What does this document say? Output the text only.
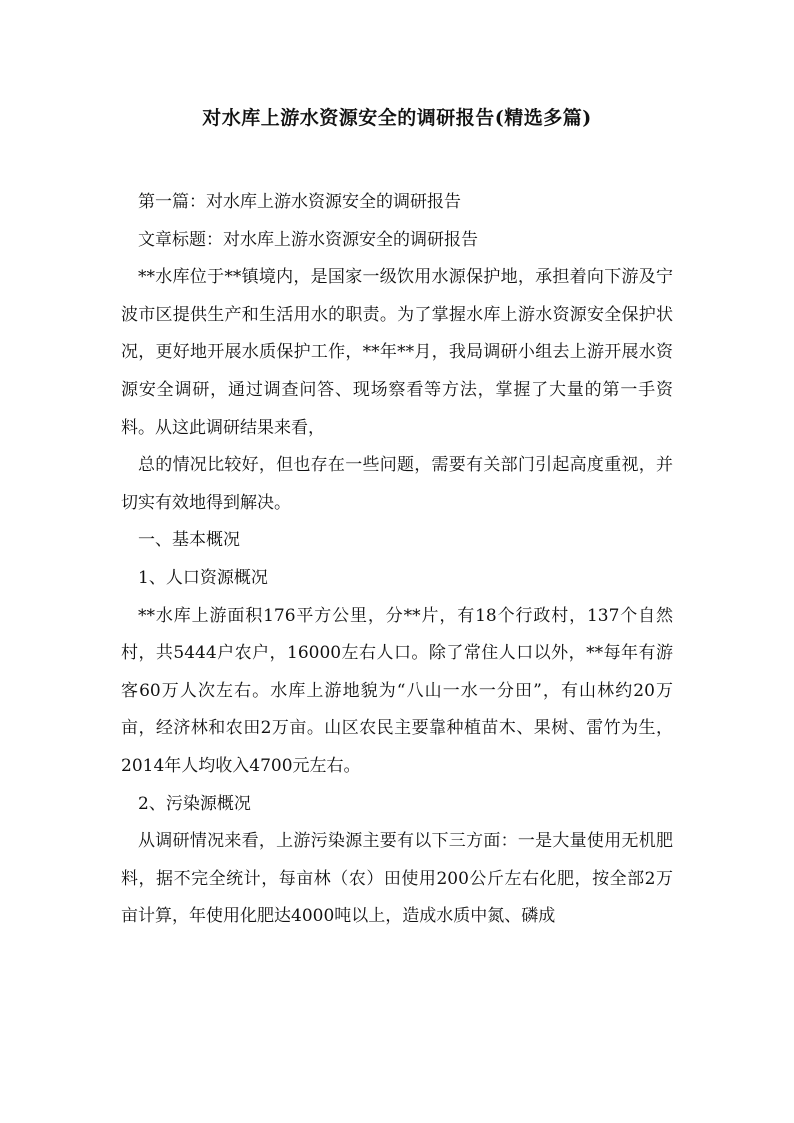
对水库上游水资源安全的调研报告(精选多篇)

第一篇：对水库上游水资源安全的调研报告

文章标题：对水库上游水资源安全的调研报告

**水库位于**镇境内，是国家一级饮用水源保护地，承担着向下游及宁波市区提供生产和生活用水的职责。为了掌握水库上游水资源安全保护状况，更好地开展水质保护工作，**年**月，我局调研小组去上游开展水资源安全调研，通过调查问答、现场察看等方法，掌握了大量的第一手资料。从这此调研结果来看，

总的情况比较好，但也存在一些问题，需要有关部门引起高度重视，并切实有效地得到解决。

一、基本概况

1、人口资源概况

**水库上游面积176平方公里，分**片，有18个行政村，137个自然村，共5444户农户，16000左右人口。除了常住人口以外，**每年有游客60万人次左右。水库上游地貌为“八山一水一分田”，有山林约20万亩，经济林和农田2万亩。山区农民主要靠种植苗木、果树、雷竹为生，2014年人均收入4700元左右。

2、污染源概况

从调研情况来看，上游污染源主要有以下三方面：一是大量使用无机肥料，据不完全统计，每亩林（农）田使用200公斤左右化肥，按全部2万亩计算，年使用化肥达4000吨以上，造成水质中氮、磷成
